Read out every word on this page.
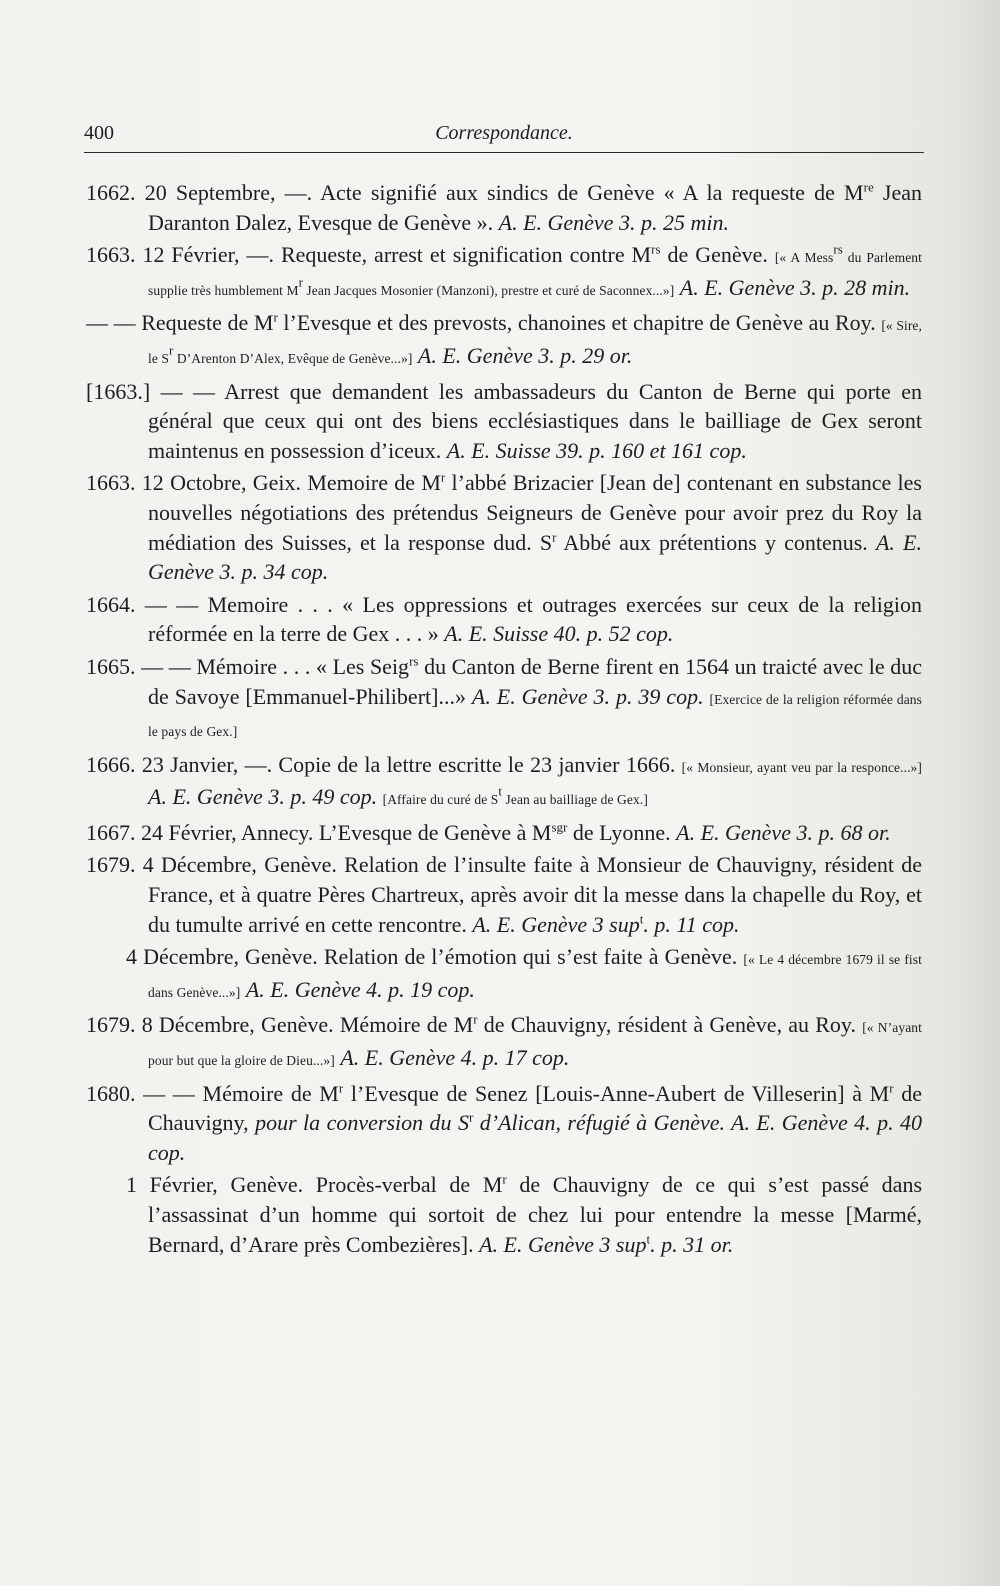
400	Correspondance.

1662. 20 Septembre, —. Acte signifié aux sindics de Genève « A la requeste de Mre Jean Daranton Dalez, Evesque de Genève ». A. E. Genève 3. p. 25 min.

1663. 12 Février, —. Requeste, arrest et signification contre $M^{rs}$ de Genève. [« A Mess$^{rs}$ du Parlement supplie très humblement $M^r$ Jean Jacques Mosonier (Manzoni), prestre et curé de Saconnex...»] A. E. Genève 3. p. 28 min.

— — Requeste de $M^r$ l’Evesque et des prevosts, chanoines et chapitre de Genève au Roy. [« Sire, le $S^r$ D’Arenton D’Alex, Evêque de Genève...»] A. E. Genève 3. p. 29 or.

[1663.] — — Arrest que demandent les ambassadeurs du Canton de Berne qui porte en général que ceux qui ont des biens ecclésiastiques dans le bailliage de Gex seront maintenus en possession d’iceux. A. E. Suisse 39. p. 160 et 161 cop.

1663. 12 Octobre, Geix. Memoire de $M^r$ l’abbé Brizacier [Jean de] contenant en substance les nouvelles négotiations des prétendus Seigneurs de Genève pour avoir prez du Roy la médiation des Suisses, et la response dud. $S^r$ Abbé aux prétentions y contenus. A. E. Genève 3. p. 34 cop.

1664. — — Memoire . . . « Les oppressions et outrages exercées sur ceux de la religion réformée en la terre de Gex . . . » A. E. Suisse 40. p. 52 cop.

1665. — — Mémoire . . . « Les Seig$^{rs}$ du Canton de Berne firent en 1564 un traicté avec le duc de Savoye [Emmanuel-Philibert]...» A. E. Genève 3. p. 39 cop. [Exercice de la religion réformée dans le pays de Gex.]

1666. 23 Janvier, —. Copie de la lettre escritte le 23 janvier 1666. [« Monsieur, ayant veu par la responce...»] A. E. Genève 3. p. 49 cop. [Affaire du curé de $S^t$ Jean au bailliage de Gex.]

1667. 24 Février, Annecy. L’Evesque de Genève à $M^{sgr}$ de Lyonne. A. E. Genève 3. p. 68 or.

1679. 4 Décembre, Genève. Relation de l’insulte faite à Monsieur de Chauvigny, résident de France, et à quatre Pères Chartreux, après avoir dit la messe dans la chapelle du Roy, et du tumulte arrivé en cette rencontre. A. E. Genève 3 sup$^t$. p. 11 cop.

4 Décembre, Genève. Relation de l’émotion qui s’est faite à Genève. [« Le 4 décembre 1679 il se fist dans Genève...»] A. E. Genève 4. p. 19 cop.

1679. 8 Décembre, Genève. Mémoire de $M^r$ de Chauvigny, résident à Genève, au Roy. [« N’ayant pour but que la gloire de Dieu...»] A. E. Genève 4. p. 17 cop.

1680. — — Mémoire de $M^r$ l’Evesque de Senez [Louis-Anne-Aubert de Villeserin] à $M^r$ de Chauvigny, pour la conversion du $S^r$ d’Alican, réfugié à Genève. A. E. Genève 4. p. 40 cop.

1 Février, Genève. Procès-verbal de $M^r$ de Chauvigny de ce qui s’est passé dans l’assassinat d’un homme qui sortoit de chez lui pour entendre la messe [Marmé, Bernard, d’Arare près Combezières]. A. E. Genève 3 sup$^t$. p. 31 or.
